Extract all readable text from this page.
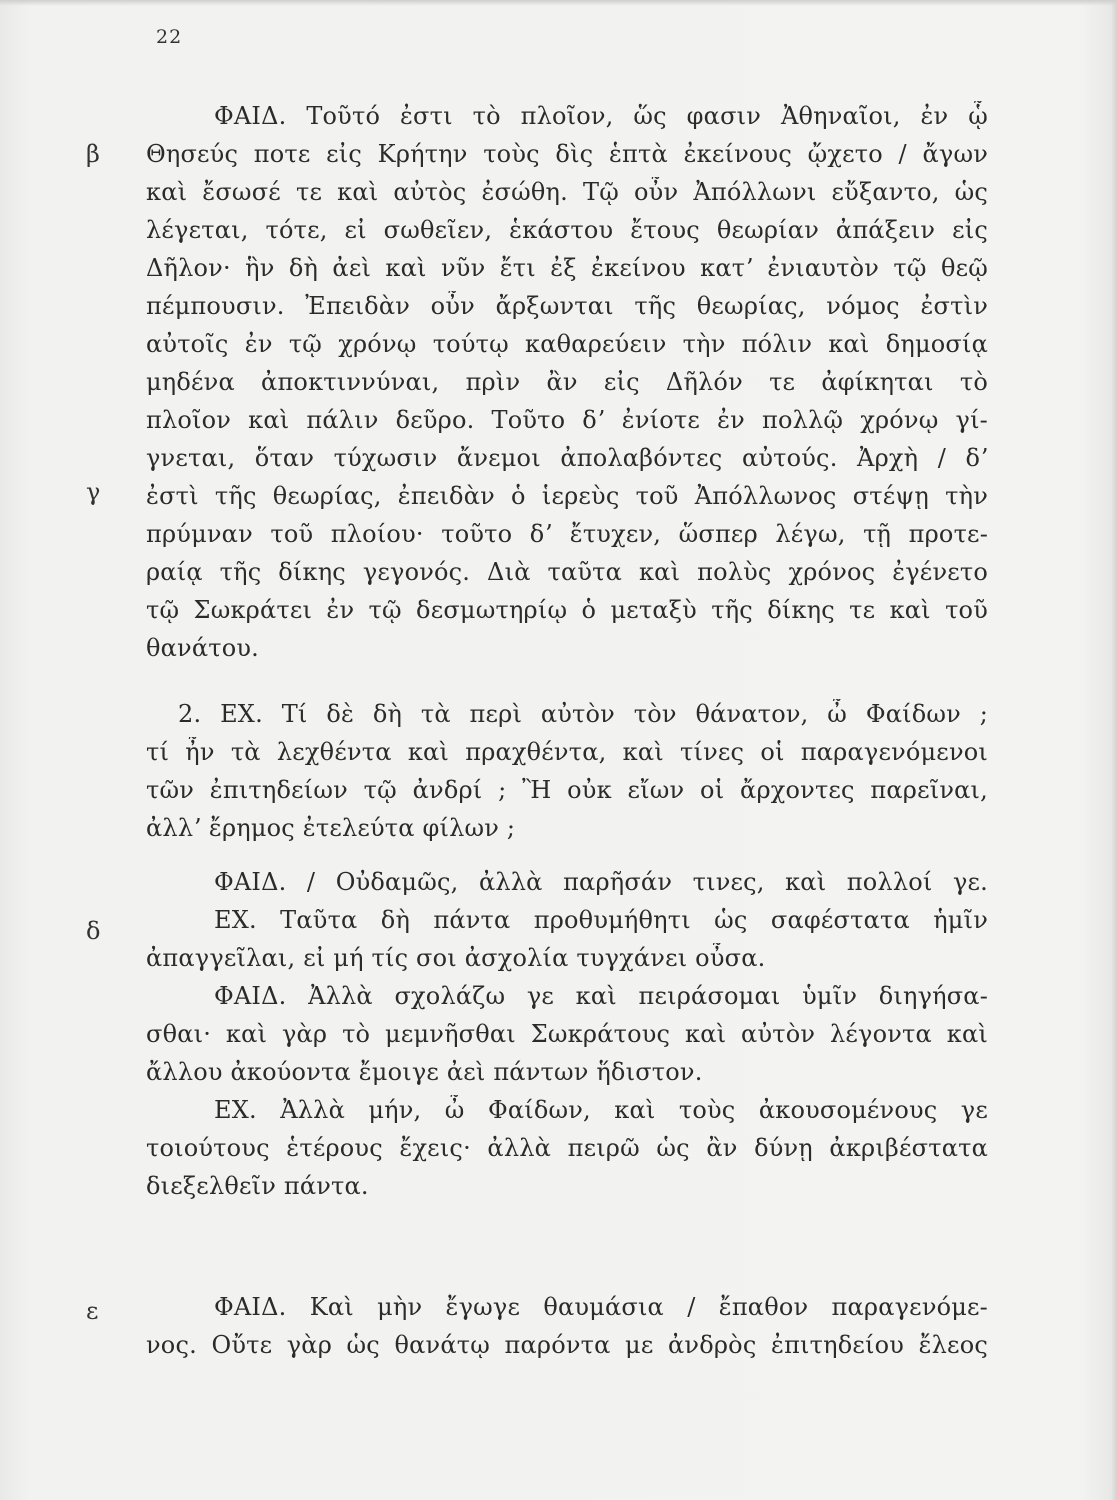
22
β
γ
δ
ε
ΦΑΙΔ. Τοῦτό ἐστι τὸ πλοῖον, ὥς φασιν Ἀθηναῖοι, ἐν ᾧ
Θησεύς ποτε εἰς Κρήτην τοὺς δὶς ἑπτὰ ἐκείνους ᾤχετο / ἄγων
καὶ ἔσωσέ τε καὶ αὐτὸς ἐσώθη. Τῷ οὖν Ἀπόλλωνι εὔξαντο, ὡς
λέγεται, τότε, εἰ σωθεῖεν, ἑκάστου ἔτους θεωρίαν ἀπάξειν εἰς
Δῆλον· ἣν δὴ ἀεὶ καὶ νῦν ἔτι ἐξ ἐκείνου κατʼ ἐνιαυτὸν τῷ θεῷ
πέμπουσιν. Ἐπειδὰν οὖν ἄρξωνται τῆς θεωρίας, νόμος ἐστὶν
αὐτοῖς ἐν τῷ χρόνῳ τούτῳ καθαρεύειν τὴν πόλιν καὶ δημοσίᾳ
μηδένα ἀποκτιννύναι, πρὶν ἂν εἰς Δῆλόν τε ἀφίκηται τὸ
πλοῖον καὶ πάλιν δεῦρο. Τοῦτο δʼ ἐνίοτε ἐν πολλῷ χρόνῳ γί-
γνεται, ὅταν τύχωσιν ἄνεμοι ἀπολαβόντες αὐτούς. Ἀρχὴ / δʼ
ἐστὶ τῆς θεωρίας, ἐπειδὰν ὁ ἱερεὺς τοῦ Ἀπόλλωνος στέψῃ τὴν
πρύμναν τοῦ πλοίου· τοῦτο δʼ ἔτυχεν, ὥσπερ λέγω, τῇ προτε-
ραίᾳ τῆς δίκης γεγονός. Διὰ ταῦτα καὶ πολὺς χρόνος ἐγένετο
τῷ Σωκράτει ἐν τῷ δεσμωτηρίῳ ὁ μεταξὺ τῆς δίκης τε καὶ τοῦ
θανάτου.
2. ΕΧ. Τί δὲ δὴ τὰ περὶ αὐτὸν τὸν θάνατον, ὦ Φαίδων ;
τί ἦν τὰ λεχθέντα καὶ πραχθέντα, καὶ τίνες οἱ παραγενόμενοι
τῶν ἐπιτηδείων τῷ ἀνδρί ; Ἢ οὐκ εἴων οἱ ἄρχοντες παρεῖναι,
ἀλλʼ ἔρημος ἐτελεύτα φίλων ;
ΦΑΙΔ. / Οὐδαμῶς, ἀλλὰ παρῆσάν τινες, καὶ πολλοί γε.
ΕΧ. Ταῦτα δὴ πάντα προθυμήθητι ὡς σαφέστατα ἡμῖν
ἀπαγγεῖλαι, εἰ μή τίς σοι ἀσχολία τυγχάνει οὖσα.
ΦΑΙΔ. Ἀλλὰ σχολάζω γε καὶ πειράσομαι ὑμῖν διηγήσα-
σθαι· καὶ γὰρ τὸ μεμνῆσθαι Σωκράτους καὶ αὐτὸν λέγοντα καὶ
ἄλλου ἀκούοντα ἔμοιγε ἀεὶ πάντων ἥδιστον.
ΕΧ. Ἀλλὰ μήν, ὦ Φαίδων, καὶ τοὺς ἀκουσομένους γε
τοιούτους ἑτέρους ἔχεις· ἀλλὰ πειρῶ ὡς ἂν δύνῃ ἀκριβέστατα
διεξελθεῖν πάντα.
ΦΑΙΔ. Καὶ μὴν ἔγωγε θαυμάσια / ἔπαθον παραγενόμε-
νος. Οὔτε γὰρ ὡς θανάτῳ παρόντα με ἀνδρὸς ἐπιτηδείου ἔλεος
